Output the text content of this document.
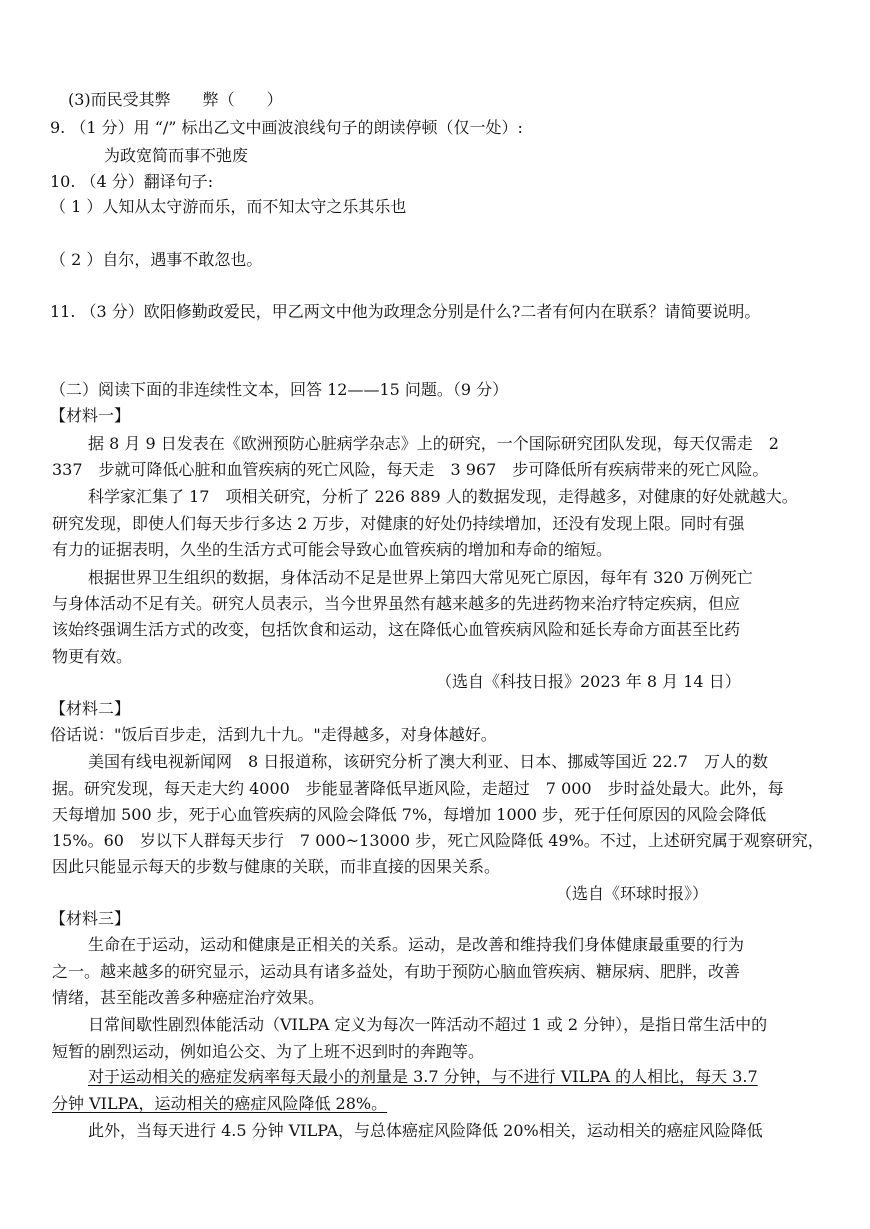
(3)而民受其弊　　弊（　　）
9. （1 分）用 “/” 标出乙文中画波浪线句子的朗读停顿（仅一处）:
为政宽简而事不弛废
10. （4 分）翻译句子:
（ 1 ）人知从太守游而乐，而不知太守之乐其乐也
（ 2 ）自尔，遇事不敢忽也。
11. （3 分）欧阳修勤政爱民，甲乙两文中他为政理念分别是什么?二者有何内在联系？请简要说明。
（二）阅读下面的非连续性文本，回答 12——15 问题。（9 分）
【材料一】
据 8 月 9 日发表在《欧洲预防心脏病学杂志》上的研究，一个国际研究团队发现，每天仅需走　2
337　步就可降低心脏和血管疾病的死亡风险，每天走　3 967　步可降低所有疾病带来的死亡风险。
科学家汇集了 17　项相关研究，分析了 226 889 人的数据发现，走得越多，对健康的好处就越大。
研究发现，即使人们每天步行多达 2 万步，对健康的好处仍持续增加，还没有发现上限。同时有强
有力的证据表明，久坐的生活方式可能会导致心血管疾病的增加和寿命的缩短。
根据世界卫生组织的数据，身体活动不足是世界上第四大常见死亡原因，每年有 320 万例死亡
与身体活动不足有关。研究人员表示，当今世界虽然有越来越多的先进药物来治疗特定疾病，但应
该始终强调生活方式的改变，包括饮食和运动，这在降低心血管疾病风险和延长寿命方面甚至比药
物更有效。
（选自《科技日报》2023 年 8 月 14 日）
【材料二】
俗话说："饭后百步走，活到九十九。"走得越多，对身体越好。
美国有线电视新闻网　8 日报道称，该研究分析了澳大利亚、日本、挪威等国近 22.7　万人的数
据。研究发现，每天走大约 4000　步能显著降低早逝风险，走超过　7 000　步时益处最大。此外，每
天每增加 500 步，死于心血管疾病的风险会降低 7%，每增加 1000 步，死于任何原因的风险会降低
15%。60　岁以下人群每天步行　7 000~13000 步，死亡风险降低 49%。不过，上述研究属于观察研究，
因此只能显示每天的步数与健康的关联，而非直接的因果关系。
（选自《环球时报》）
【材料三】
生命在于运动，运动和健康是正相关的关系。运动，是改善和维持我们身体健康最重要的行为
之一。越来越多的研究显示，运动具有诸多益处，有助于预防心脑血管疾病、糖尿病、肥胖，改善
情绪，甚至能改善多种癌症治疗效果。
日常间歇性剧烈体能活动（VILPA 定义为每次一阵活动不超过 1 或 2 分钟），是指日常生活中的
短暂的剧烈运动，例如追公交、为了上班不迟到时的奔跑等。
对于运动相关的癌症发病率每天最小的剂量是 3.7 分钟，与不进行 VILPA 的人相比，每天 3.7
分钟 VILPA，运动相关的癌症风险降低 28%。
此外，当每天进行 4.5 分钟 VILPA，与总体癌症风险降低 20%相关，运动相关的癌症风险降低
